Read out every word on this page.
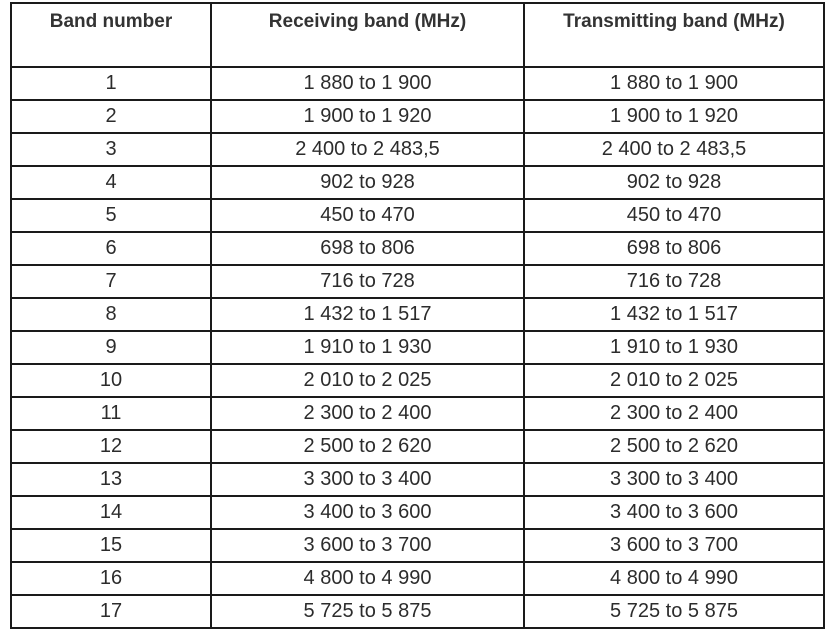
Band number	Receiving band (MHz)	Transmitting band (MHz)
1	1 880 to 1 900	1 880 to 1 900
2	1 900 to 1 920	1 900 to 1 920
3	2 400 to 2 483,5	2 400 to 2 483,5
4	902 to 928	902 to 928
5	450 to 470	450 to 470
6	698 to 806	698 to 806
7	716 to 728	716 to 728
8	1 432 to 1 517	1 432 to 1 517
9	1 910 to 1 930	1 910 to 1 930
10	2 010 to 2 025	2 010 to 2 025
11	2 300 to 2 400	2 300 to 2 400
12	2 500 to 2 620	2 500 to 2 620
13	3 300 to 3 400	3 300 to 3 400
14	3 400 to 3 600	3 400 to 3 600
15	3 600 to 3 700	3 600 to 3 700
16	4 800 to 4 990	4 800 to 4 990
17	5 725 to 5 875	5 725 to 5 875
